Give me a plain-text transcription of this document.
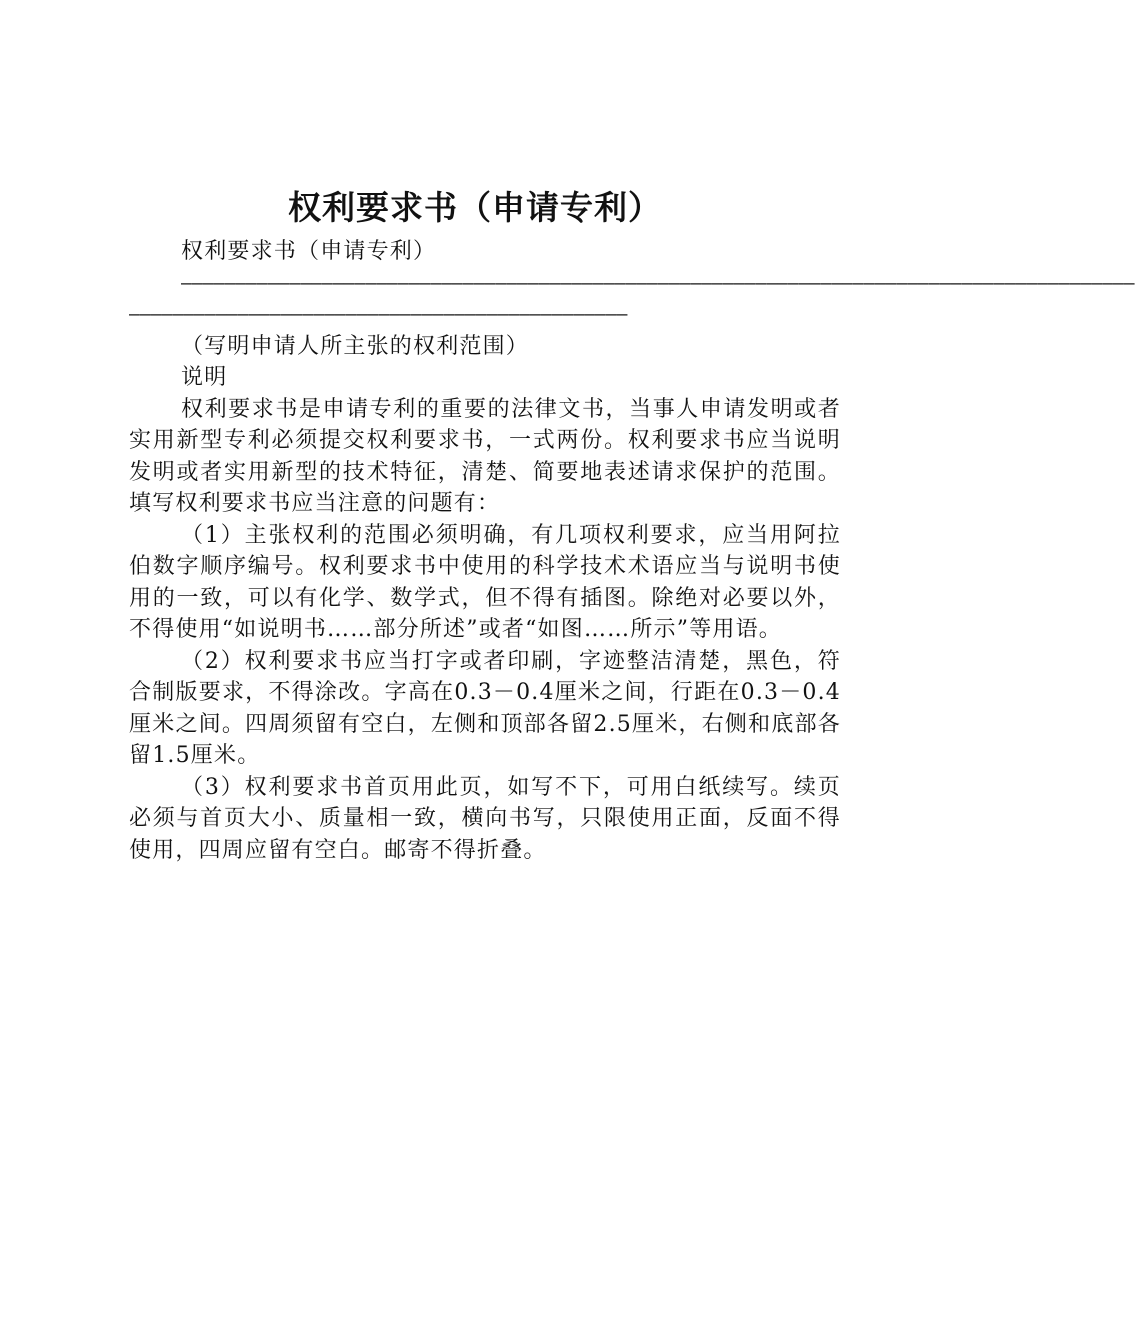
权利要求书（申请专利）

权利要求书（申请专利）

————————————————————————————————————————————————————————————————————————————————————————
——————————————————————————————————————————————

（写明申请人所主张的权利范围）

说明

权利要求书是申请专利的重要的法律文书，当事人申请发明或者实用新型专利必须提交权利要求书，一式两份。权利要求书应当说明发明或者实用新型的技术特征，清楚、简要地表述请求保护的范围。填写权利要求书应当注意的问题有：

（1）主张权利的范围必须明确，有几项权利要求，应当用阿拉伯数字顺序编号。权利要求书中使用的科学技术术语应当与说明书使用的一致，可以有化学、数学式，但不得有插图。除绝对必要以外，不得使用“如说明书……部分所述”或者“如图……所示”等用语。

（2）权利要求书应当打字或者印刷，字迹整洁清楚，黑色，符合制版要求，不得涂改。字高在0.3－0.4厘米之间，行距在0.3－0.4厘米之间。四周须留有空白，左侧和顶部各留2.5厘米，右侧和底部各留1.5厘米。

（3）权利要求书首页用此页，如写不下，可用白纸续写。续页必须与首页大小、质量相一致，横向书写，只限使用正面，反面不得使用，四周应留有空白。邮寄不得折叠。
